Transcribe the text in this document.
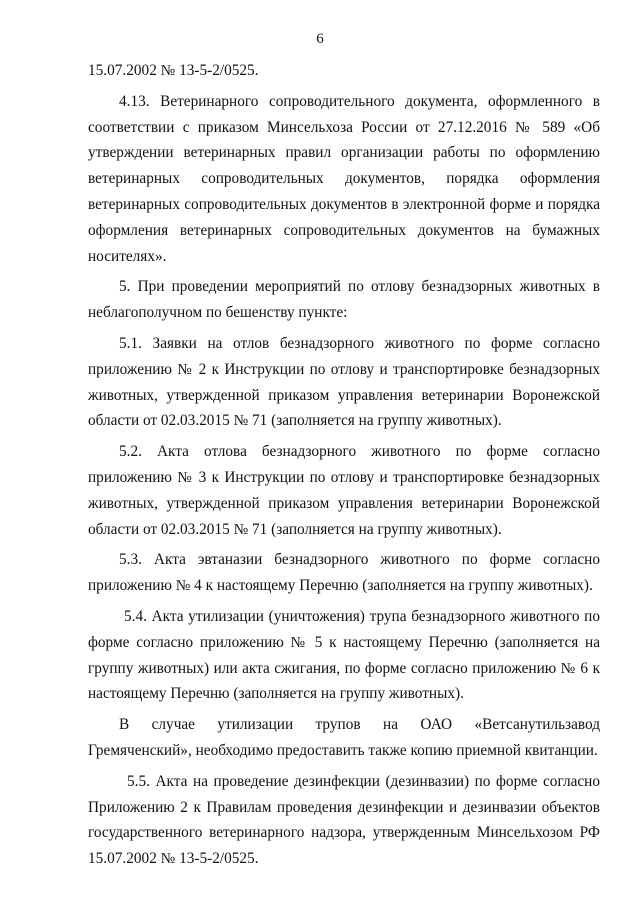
6
15.07.2002 № 13-5-2/0525.
4.13. Ветеринарного сопроводительного документа, оформленного в
соответствии с приказом Минсельхоза России от 27.12.2016 № 589 «Об
утверждении ветеринарных правил организации работы по оформлению
ветеринарных сопроводительных документов, порядка оформления
ветеринарных сопроводительных документов в электронной форме и порядка
оформления ветеринарных сопроводительных документов на бумажных
носителях».
5. При проведении мероприятий по отлову безнадзорных животных в
неблагополучном по бешенству пункте:
5.1. Заявки на отлов безнадзорного животного по форме согласно
приложению № 2 к Инструкции по отлову и транспортировке безнадзорных
животных, утвержденной приказом управления ветеринарии Воронежской
области от 02.03.2015 № 71 (заполняется на группу животных).
5.2. Акта отлова безнадзорного животного по форме согласно
приложению № 3 к Инструкции по отлову и транспортировке безнадзорных
животных, утвержденной приказом управления ветеринарии Воронежской
области от 02.03.2015 № 71 (заполняется на группу животных).
5.3. Акта эвтаназии безнадзорного животного по форме согласно
приложению № 4 к настоящему Перечню (заполняется на группу животных).
5.4. Акта утилизации (уничтожения) трупа безнадзорного животного по
форме согласно приложению № 5 к настоящему Перечню (заполняется на
группу животных) или акта сжигания, по форме согласно приложению № 6 к
настоящему Перечню (заполняется на группу животных).
В случае утилизации трупов на ОАО «Ветсанутильзавод
Гремяченский», необходимо предоставить также копию приемной квитанции.
5.5. Акта на проведение дезинфекции (дезинвазии) по форме согласно
Приложению 2 к Правилам проведения дезинфекции и дезинвазии объектов
государственного ветеринарного надзора, утвержденным Минсельхозом РФ
15.07.2002 № 13-5-2/0525.
